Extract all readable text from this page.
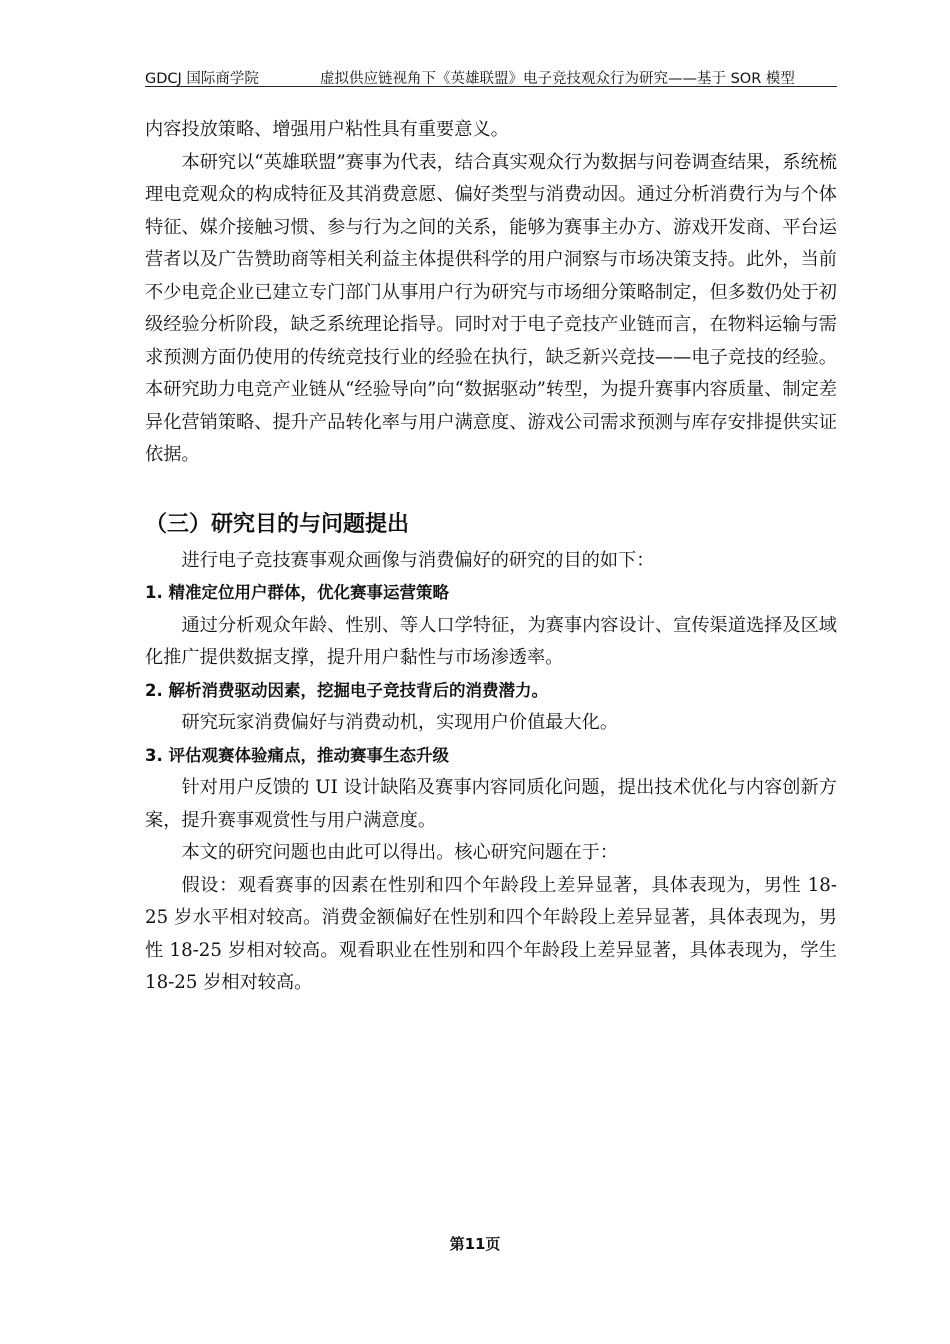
GDCJ 国际商学院	虚拟供应链视角下《英雄联盟》电子竞技观众行为研究——基于 SOR 模型

内容投放策略、增强用户粘性具有重要意义。

本研究以“英雄联盟”赛事为代表，结合真实观众行为数据与问卷调查结果，系统梳理电竞观众的构成特征及其消费意愿、偏好类型与消费动因。通过分析消费行为与个体特征、媒介接触习惯、参与行为之间的关系，能够为赛事主办方、游戏开发商、平台运营者以及广告赞助商等相关利益主体提供科学的用户洞察与市场决策支持。此外，当前不少电竞企业已建立专门部门从事用户行为研究与市场细分策略制定，但多数仍处于初级经验分析阶段，缺乏系统理论指导。同时对于电子竞技产业链而言，在物料运输与需求预测方面仍使用的传统竞技行业的经验在执行，缺乏新兴竞技——电子竞技的经验。本研究助力电竞产业链从“经验导向”向“数据驱动”转型，为提升赛事内容质量、制定差异化营销策略、提升产品转化率与用户满意度、游戏公司需求预测与库存安排提供实证依据。

（三）研究目的与问题提出

进行电子竞技赛事观众画像与消费偏好的研究的目的如下：

1. 精准定位用户群体，优化赛事运营策略

通过分析观众年龄、性别、等人口学特征，为赛事内容设计、宣传渠道选择及区域化推广提供数据支撑，提升用户黏性与市场渗透率。

2. 解析消费驱动因素，挖掘电子竞技背后的消费潜力。

研究玩家消费偏好与消费动机，实现用户价值最大化。

3. 评估观赛体验痛点，推动赛事生态升级

针对用户反馈的 UI 设计缺陷及赛事内容同质化问题，提出技术优化与内容创新方案，提升赛事观赏性与用户满意度。

本文的研究问题也由此可以得出。核心研究问题在于：

假设：观看赛事的因素在性别和四个年龄段上差异显著，具体表现为，男性 18-25 岁水平相对较高。消费金额偏好在性别和四个年龄段上差异显著，具体表现为，男性 18-25 岁相对较高。观看职业在性别和四个年龄段上差异显著，具体表现为，学生 18-25 岁相对较高。

第11页
